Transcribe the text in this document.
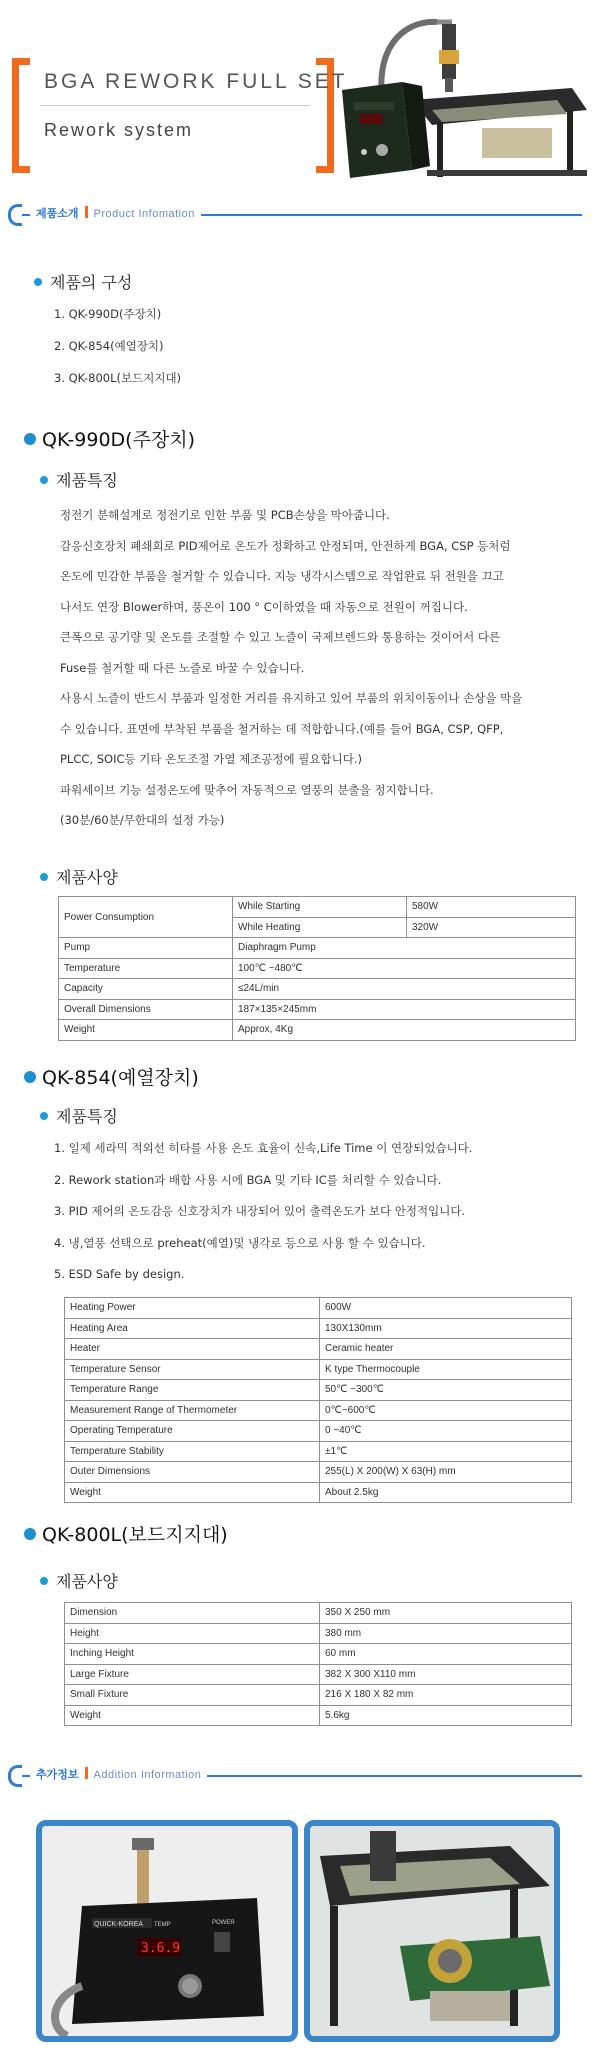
BGA REWORK FULL SET
Rework system
제품소개 Product Infomation
제품의 구성
1. QK-990D(주장치)
2. QK-854(예열장치)
3. QK-800L(보드지지대)
QK-990D(주장치)
제품특징
정전기 분해설계로 정전기로 인한 부품 및 PCB손상을 막아줍니다.
감응신호장치 폐쇄회로 PID제어로 온도가 정확하고 안정되며, 안전하게 BGA, CSP 등처럼
온도에 민감한 부품을 철거할 수 있습니다. 지능 냉각시스템으로 작업완료 뒤 전원을 끄고
나서도 연장 Blower하며, 풍온이 100 ° C이하였을 때 자동으로 전원이 꺼집니다.
큰폭으로 공기량 및 온도를 조절할 수 있고 노즐이 국제브렌드와 통용하는 것이어서 다른
Fuse를 철거할 때 다른 노즐로 바꿀 수 있습니다.
사용시 노즐이 반드시 부품과 일정한 거리를 유지하고 있어 부품의 위치이동이나 손상을 막을
수 있습니다. 표면에 부착된 부품을 철거하는 데 적합합니다.(예를 들어 BGA, CSP, QFP,
PLCC, SOIC등 기타 온도조절 가열 제조공정에 필요합니다.)
파워세이브 기능 설정온도에 맞추어 자동적으로 열풍의 분출을 정지합니다.
(30분/60분/무한대의 설정 가능)
제품사양
Power Consumption	While Starting	580W
	While Heating	320W
Pump	Diaphragm Pump	
Temperature	100℃ ~480℃	
Capacity	≤24L/min	
Overall Dimensions	187×135×245mm	
Weight	Approx, 4Kg	
QK-854(예열장치)
제품특징
1. 일제 세라믹 적외선 히타를 사용 온도 효율이 신속,Life Time 이 연장되었습니다.
2. Rework station과 배합 사용 시에 BGA 및 기타 IC를 처리할 수 있습니다.
3. PID 제어의 온도감응 신호장치가 내장되어 있어 출력온도가 보다 안정적입니다.
4. 냉,열풍 선택으로 preheat(예열)및 냉각로 등으로 사용 할 수 있습니다.
5. ESD Safe by design.
Heating Power	600W
Heating Area	130X130mm
Heater	Ceramic heater
Temperature Sensor	K type Thermocouple
Temperature Range	50℃ ~300℃
Measurement Range of Thermometer	0℃~600℃
Operating Temperature	0 ~40℃
Temperature Stability	±1℃
Outer Dimensions	255(L) X 200(W) X 63(H) mm
Weight	About 2.5kg
QK-800L(보드지지대)
제품사양
Dimension	350 X 250 mm
Height	380 mm
Inching Height	60 mm
Large Fixture	382 X 300 X110 mm
Small Fixture	216 X 180 X 82 mm
Weight	5.6kg
추가정보 Addition Information
QUICK-KOREA TEMP	POWER
3.6.9
